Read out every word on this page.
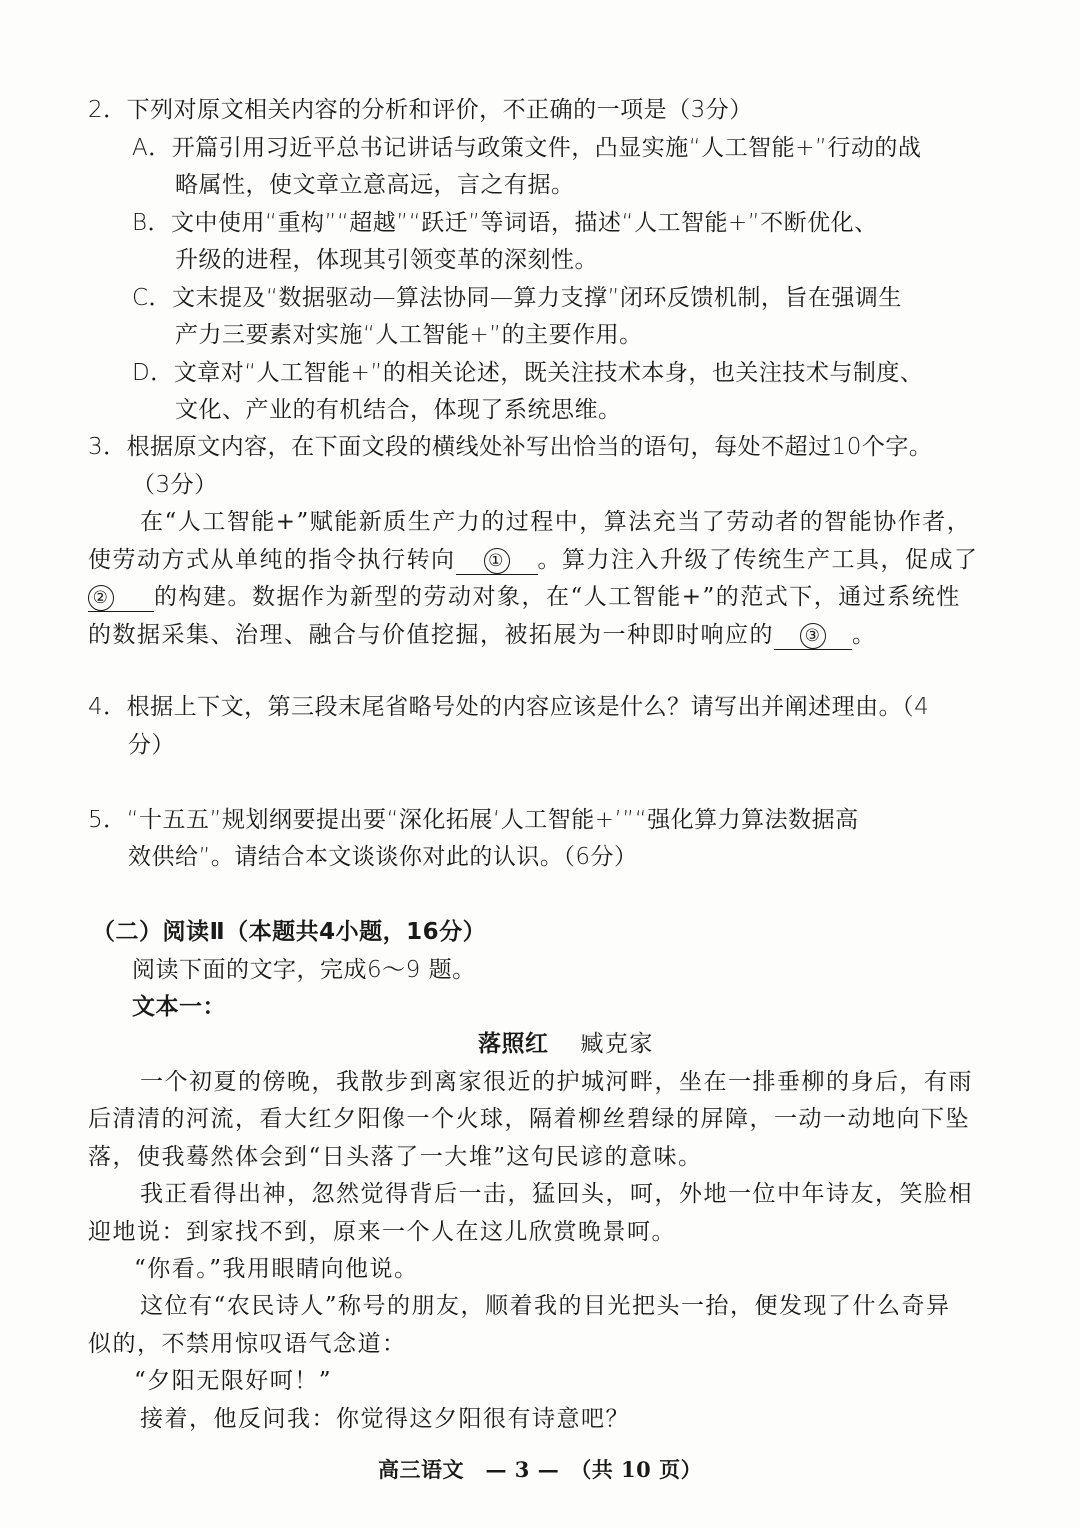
2．下列对原文相关内容的分析和评价，不正确的一项是（3分）
A．开篇引用习近平总书记讲话与政策文件，凸显实施“人工智能+”行动的战
略属性，使文章立意高远，言之有据。
B．文中使用“重构”“超越”“跃迁”等词语，描述“人工智能+”不断优化、
升级的进程，体现其引领变革的深刻性。
C．文末提及“数据驱动—算法协同—算力支撑”闭环反馈机制，旨在强调生
产力三要素对实施“人工智能+”的主要作用。
D．文章对“人工智能+”的相关论述，既关注技术本身，也关注技术与制度、
文化、产业的有机结合，体现了系统思维。
3．根据原文内容，在下面文段的横线处补写出恰当的语句，每处不超过10个字。
（3分）
在“人工智能+”赋能新质生产力的过程中，算法充当了劳动者的智能协作者，
使劳动方式从单纯的指令执行转向 ① 。算力注入升级了传统生产工具，促成了
② 的构建。数据作为新型的劳动对象，在“人工智能+”的范式下，通过系统性
的数据采集、治理、融合与价值挖掘，被拓展为一种即时响应的 ③ 。
4．根据上下文，第三段末尾省略号处的内容应该是什么？请写出并阐述理由。（4
分）
5．“十五五”规划纲要提出要“深化拓展‘人工智能+’”“强化算力算法数据高
效供给”。请结合本文谈谈你对此的认识。（6分）
（二）阅读Ⅱ（本题共4小题，16分）
阅读下面的文字，完成6～9 题。
文本一：
落照红 臧克家
一个初夏的傍晚，我散步到离家很近的护城河畔，坐在一排垂柳的身后，有雨
后清清的河流，看大红夕阳像一个火球，隔着柳丝碧绿的屏障，一动一动地向下坠
落，使我蓦然体会到“日头落了一大堆”这句民谚的意味。
我正看得出神，忽然觉得背后一击，猛回头，呵，外地一位中年诗友，笑脸相
迎地说：到家找不到，原来一个人在这儿欣赏晚景呵。
“你看。”我用眼睛向他说。
这位有“农民诗人”称号的朋友，顺着我的目光把头一抬，便发现了什么奇异
似的，不禁用惊叹语气念道：
“夕阳无限好呵！”
接着，他反问我：你觉得这夕阳很有诗意吧？
高三语文　— 3 —　（共 10 页）
